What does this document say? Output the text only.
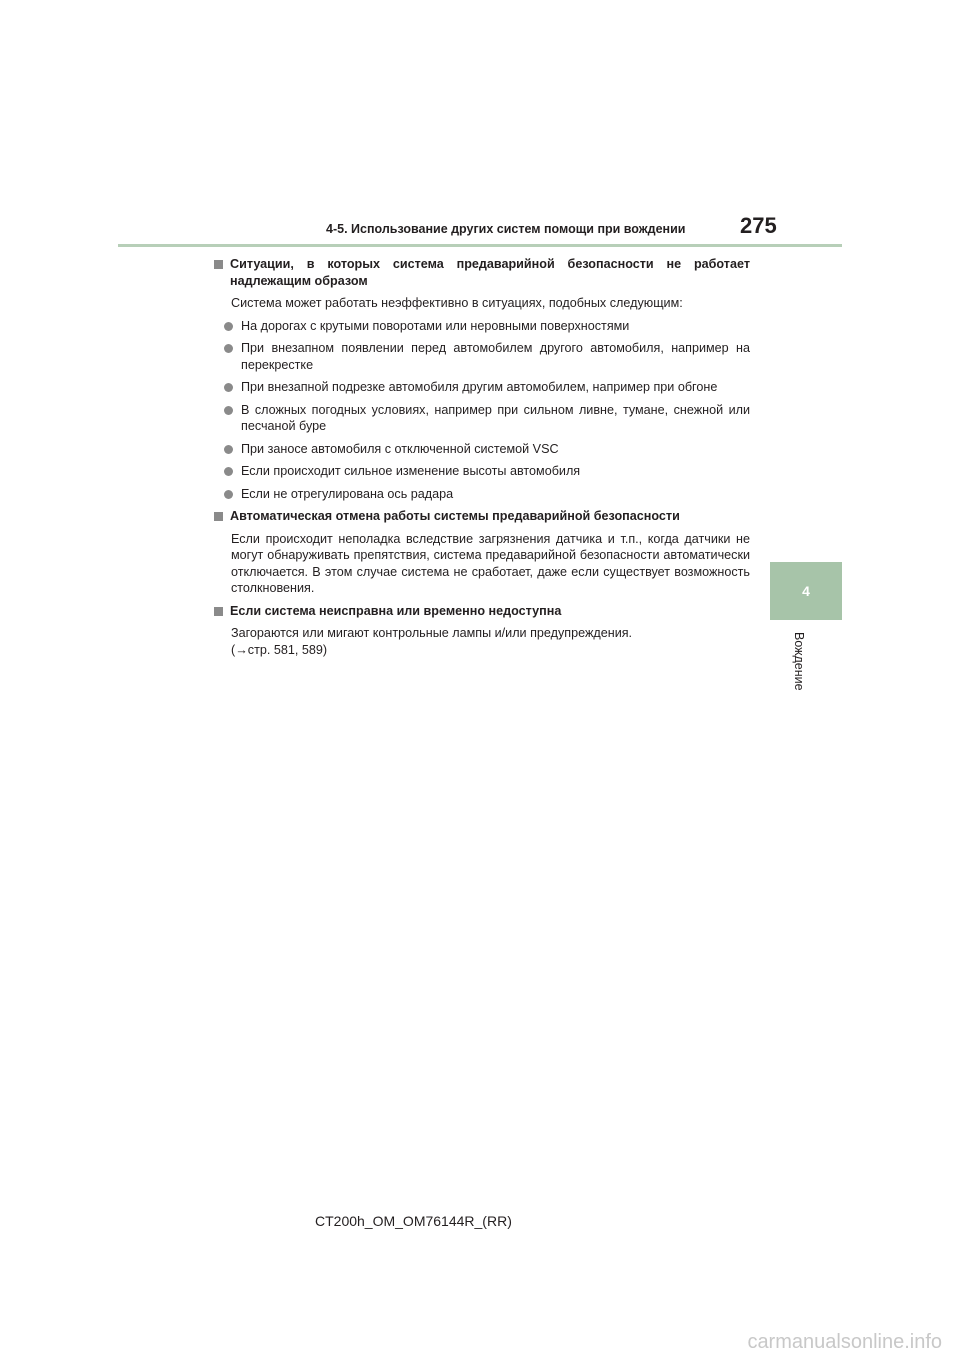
4-5. Использование других систем помощи при вождении 275
4
Вождение
Ситуации, в которых система предаварийной безопасности не работает надлежащим образом
Система может работать неэффективно в ситуациях, подобных следующим:
На дорогах с крутыми поворотами или неровными поверхностями
При внезапном появлении перед автомобилем другого автомобиля, например на перекрестке
При внезапной подрезке автомобиля другим автомобилем, например при обгоне
В сложных погодных условиях, например при сильном ливне, тумане, снежной или песчаной буре
При заносе автомобиля с отключенной системой VSC
Если происходит сильное изменение высоты автомобиля
Если не отрегулирована ось радара
Автоматическая отмена работы системы предаварийной безопасности
Если происходит неполадка вследствие загрязнения датчика и т.п., когда датчики не могут обнаруживать препятствия, система предаварийной безопасности автоматически отключается. В этом случае система не сработает, даже если существует возможность столкновения.
Если система неисправна или временно недоступна
Загораются или мигают контрольные лампы и/или предупреждения.
(→стр. 581, 589)
CT200h_OM_OM76144R_(RR)
carmanualsonline.info
